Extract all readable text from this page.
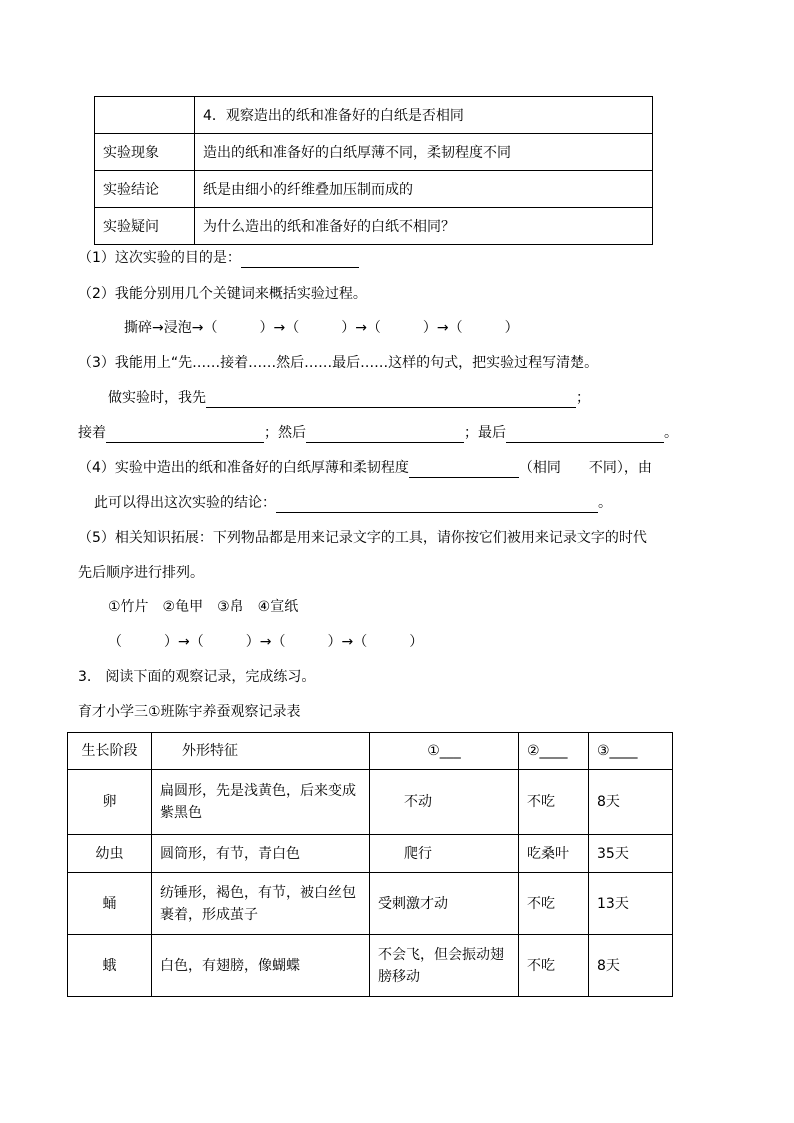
	4．观察造出的纸和准备好的白纸是否相同
实验现象	造出的纸和准备好的白纸厚薄不同，柔韧程度不同
实验结论	纸是由细小的纤维叠加压制而成的
实验疑问	为什么造出的纸和准备好的白纸不相同？
（1）这次实验的目的是：
（2）我能分别用几个关键词来概括实验过程。
撕碎→浸泡→（　　　）→（　　　）→（　　　）→（　　　）
（3）我能用上“先……接着……然后……最后……这样的句式，把实验过程写清楚。
做实验时，我先	；
接着	；然后	；最后	。
（4）实验中造出的纸和准备好的白纸厚薄和柔韧程度	（相同　　不同），由
此可以得出这次实验的结论：	。
（5）相关知识拓展：下列物品都是用来记录文字的工具，请你按它们被用来记录文字的时代
先后顺序进行排列。
①竹片　②龟甲　③帛　④宣纸
（　　　）→（　　　）→（　　　）→（　　　）
3.　阅读下面的观察记录，完成练习。
育才小学三①班陈宇养蚕观察记录表
生长阶段	外形特征	①___	②____	③____
卵	扁圆形，先是浅黄色，后来变成紫黑色	不动	不吃	8天
幼虫	圆筒形，有节，青白色	爬行	吃桑叶	35天
蛹	纺锤形，褐色，有节，被白丝包裹着，形成茧子	受刺激才动	不吃	13天
蛾	白色，有翅膀，像蝴蝶	不会飞，但会振动翅膀移动	不吃	8天
